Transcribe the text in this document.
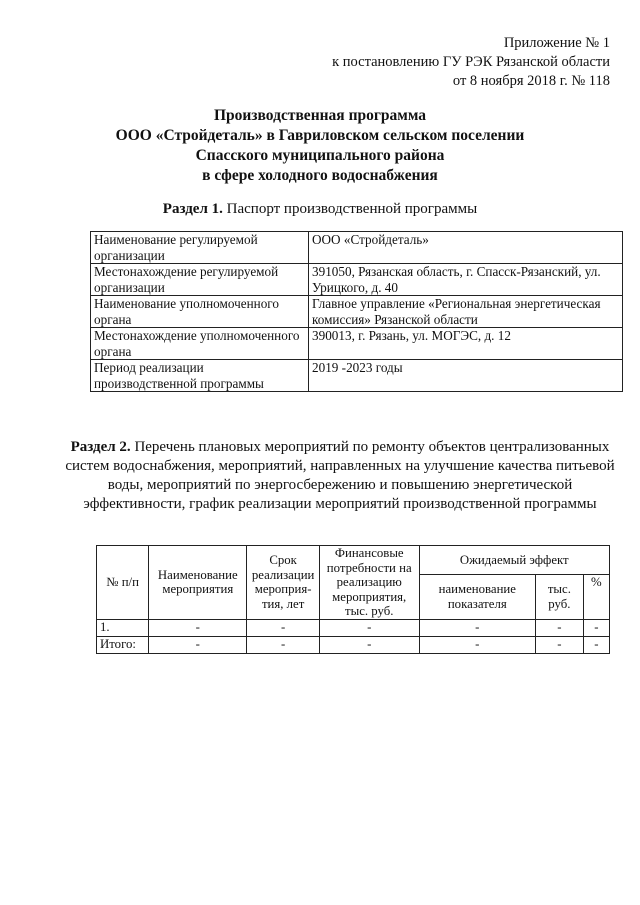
Приложение № 1
к постановлению ГУ РЭК Рязанской области
от 8 ноября 2018 г. № 118
Производственная программа
ООО «Стройдеталь» в Гавриловском сельском поселении
Спасского муниципального района
в сфере холодного водоснабжения
Раздел 1. Паспорт производственной программы
Наименование регулируемой организации	ООО «Стройдеталь»
Местонахождение регулируемой организации	391050, Рязанская область, г. Спасск-Рязанский, ул. Урицкого, д. 40
Наименование уполномоченного органа	Главное управление «Региональная энергетическая комиссия» Рязанской области
Местонахождение уполномоченного органа	390013, г. Рязань, ул. МОГЭС, д. 12
Период реализации производственной программы	2019 -2023 годы
Раздел 2. Перечень плановых мероприятий по ремонту объектов централизованных систем водоснабжения, мероприятий, направленных на улучшение качества питьевой воды, мероприятий по энергосбережению и повышению энергетической эффективности, график реализации мероприятий производственной программы
№ п/п	Наименование мероприятия	Срок реализации мероприя-тия, лет	Финансовые потребности на реализацию мероприятия, тыс. руб.	Ожидаемый эффект		
				наименование показателя	тыс. руб.	%
1.	-	-	-	-	-	-
Итого:	-	-	-	-	-	-
